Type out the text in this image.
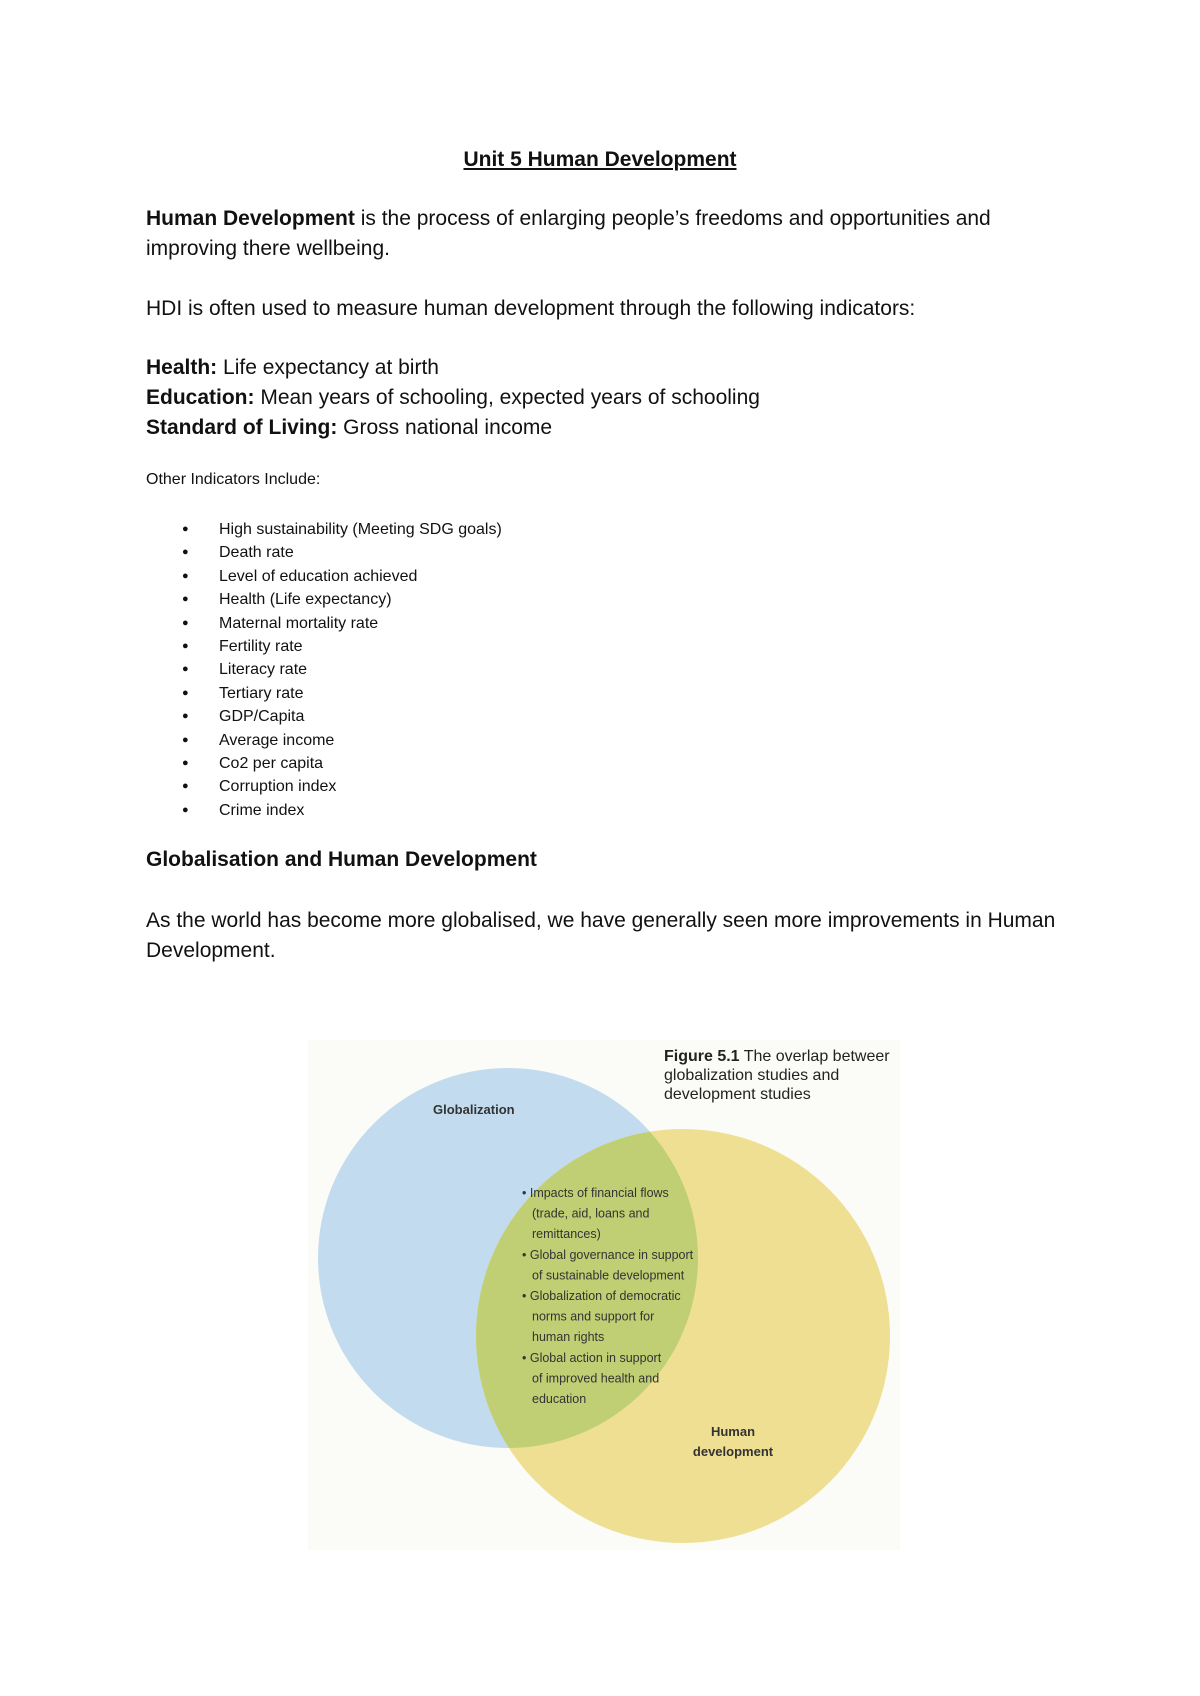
Unit 5 Human Development

Human Development is the process of enlarging people’s freedoms and opportunities and improving there wellbeing.

HDI is often used to measure human development through the following indicators:

Health: Life expectancy at birth
Education: Mean years of schooling, expected years of schooling
Standard of Living: Gross national income

Other Indicators Include:

● High sustainability (Meeting SDG goals)
● Death rate
● Level of education achieved
● Health (Life expectancy)
● Maternal mortality rate
● Fertility rate
● Literacy rate
● Tertiary rate
● GDP/Capita
● Average income
● Co2 per capita
● Corruption index
● Crime index
Globalisation and Human Development

As the world has become more globalised, we have generally seen more improvements in Human Development.

Figure 5.1 The overlap betweer
globalization studies and
development studies
Globalization
Human
development
• Impacts of financial flows
(trade, aid, loans and
remittances)
• Global governance in support
of sustainable development
• Globalization of democratic
norms and support for
human rights
• Global action in support
of improved health and
education
